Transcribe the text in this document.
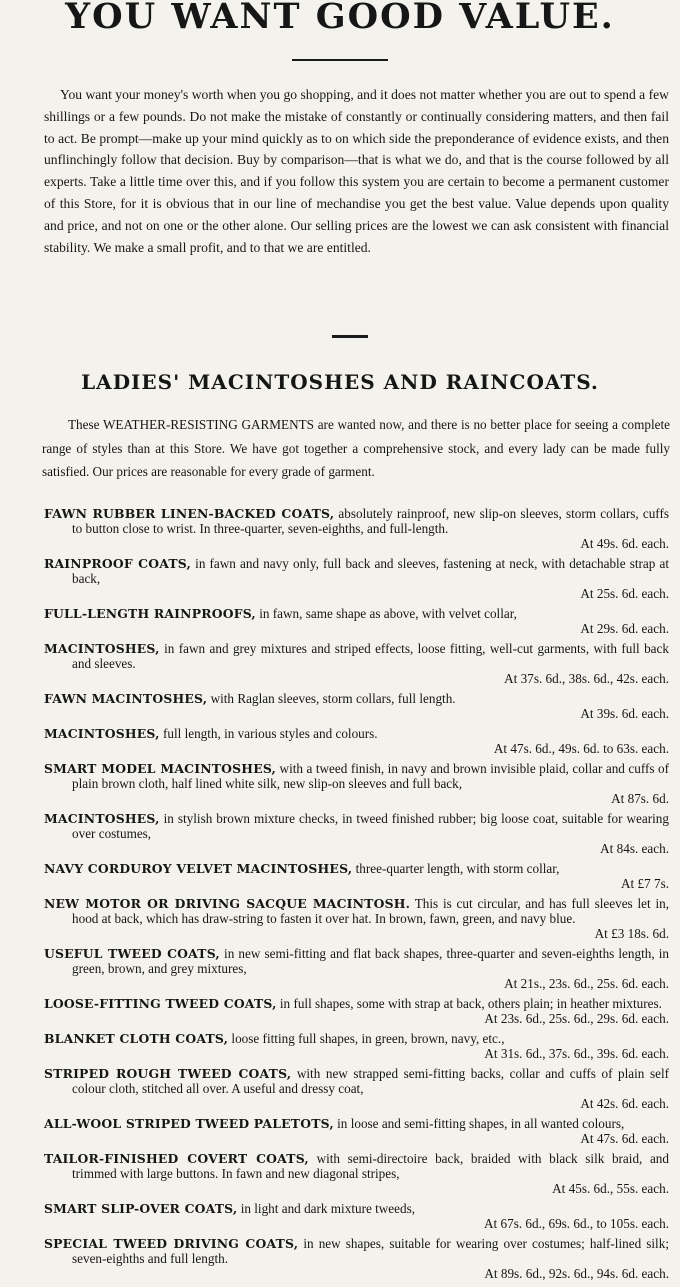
YOU WANT GOOD VALUE.
You want your money's worth when you go shopping, and it does not matter whether you are out to spend a few shillings or a few pounds. Do not make the mistake of constantly or continually considering matters, and then fail to act. Be prompt—make up your mind quickly as to on which side the preponderance of evidence exists, and then unflinchingly follow that decision. Buy by comparison—that is what we do, and that is the course followed by all experts. Take a little time over this, and if you follow this system you are certain to become a permanent customer of this Store, for it is obvious that in our line of mechandise you get the best value. Value depends upon quality and price, and not on one or the other alone. Our selling prices are the lowest we can ask consistent with financial stability. We make a small profit, and to that we are entitled.
LADIES' MACINTOSHES AND RAINCOATS.
These WEATHER-RESISTING GARMENTS are wanted now, and there is no better place for seeing a complete range of styles than at this Store. We have got together a comprehensive stock, and every lady can be made fully satisfied. Our prices are reasonable for every grade of garment.
FAWN RUBBER LINEN-BACKED COATS, absolutely rainproof, new slip-on sleeves, storm collars, cuffs to button close to wrist. In three-quarter, seven-eighths, and full-length.
At 49s. 6d. each.
RAINPROOF COATS, in fawn and navy only, full back and sleeves, fastening at neck, with detachable strap at back,
At 25s. 6d. each.
FULL-LENGTH RAINPROOFS, in fawn, same shape as above, with velvet collar,
At 29s. 6d. each.
MACINTOSHES, in fawn and grey mixtures and striped effects, loose fitting, well-cut garments, with full back and sleeves.
At 37s. 6d., 38s. 6d., 42s. each.
FAWN MACINTOSHES, with Raglan sleeves, storm collars, full length.
At 39s. 6d. each.
MACINTOSHES, full length, in various styles and colours.
At 47s. 6d., 49s. 6d. to 63s. each.
SMART MODEL MACINTOSHES, with a tweed finish, in navy and brown invisible plaid, collar and cuffs of plain brown cloth, half lined white silk, new slip-on sleeves and full back,
At 87s. 6d.
MACINTOSHES, in stylish brown mixture checks, in tweed finished rubber; big loose coat, suitable for wearing over costumes,
At 84s. each.
NAVY CORDUROY VELVET MACINTOSHES, three-quarter length, with storm collar,
At £7 7s.
NEW MOTOR OR DRIVING SACQUE MACINTOSH. This is cut circular, and has full sleeves let in, hood at back, which has draw-string to fasten it over hat. In brown, fawn, green, and navy blue.
At £3 18s. 6d.
USEFUL TWEED COATS, in new semi-fitting and flat back shapes, three-quarter and seven-eighths length, in green, brown, and grey mixtures,
At 21s., 23s. 6d., 25s. 6d. each.
LOOSE-FITTING TWEED COATS, in full shapes, some with strap at back, others plain; in heather mixtures.
At 23s. 6d., 25s. 6d., 29s. 6d. each.
BLANKET CLOTH COATS, loose fitting full shapes, in green, brown, navy, etc.,
At 31s. 6d., 37s. 6d., 39s. 6d. each.
STRIPED ROUGH TWEED COATS, with new strapped semi-fitting backs, collar and cuffs of plain self colour cloth, stitched all over. A useful and dressy coat,
At 42s. 6d. each.
ALL-WOOL STRIPED TWEED PALETOTS, in loose and semi-fitting shapes, in all wanted colours,
At 47s. 6d. each.
TAILOR-FINISHED COVERT COATS, with semi-directoire back, braided with black silk braid, and trimmed with large buttons. In fawn and new diagonal stripes,
At 45s. 6d., 55s. each.
SMART SLIP-OVER COATS, in light and dark mixture tweeds,
At 67s. 6d., 69s. 6d., to 105s. each.
SPECIAL TWEED DRIVING COATS, in new shapes, suitable for wearing over costumes; half-lined silk; seven-eighths and full length.
At 89s. 6d., 92s. 6d., 94s. 6d. each.
